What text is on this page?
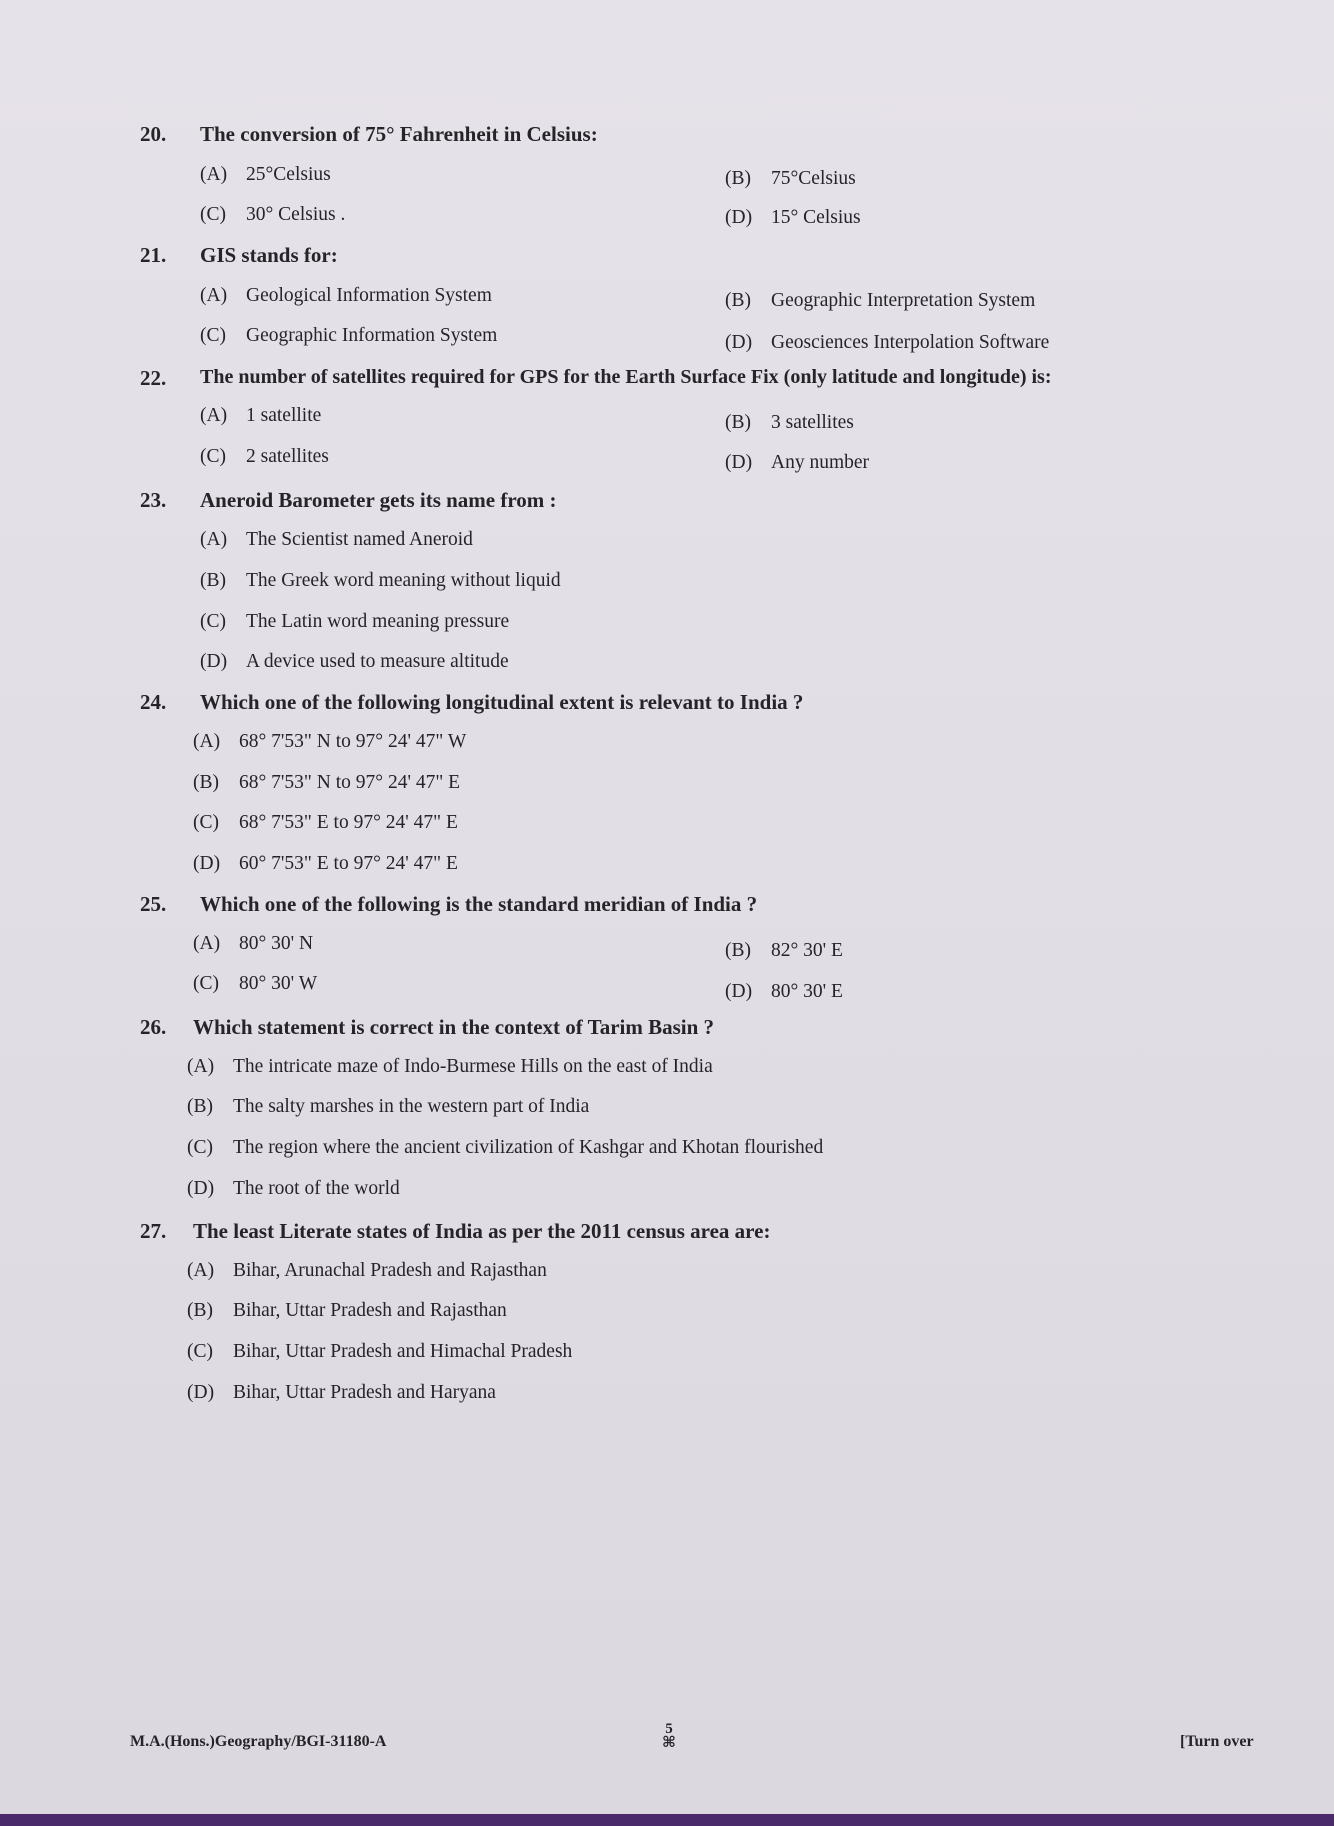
20. The conversion of 75° Fahrenheit in Celsius:
(A) 25°Celsius	(B) 75°Celsius
(C) 30° Celsius .	(D) 15° Celsius
21. GIS stands for:
(A) Geological Information System	(B) Geographic Interpretation System
(C) Geographic Information System	(D) Geosciences Interpolation Software
22. The number of satellites required for GPS for the Earth Surface Fix (only latitude and longitude) is:
(A) 1 satellite	(B) 3 satellites
(C) 2 satellites	(D) Any number
23. Aneroid Barometer gets its name from :
(A) The Scientist named Aneroid
(B) The Greek word meaning without liquid
(C) The Latin word meaning pressure
(D) A device used to measure altitude
24. Which one of the following longitudinal extent is relevant to India ?
(A) 68° 7'53" N to 97° 24' 47" W
(B) 68° 7'53" N to 97° 24' 47" E
(C) 68° 7'53" E to 97° 24' 47" E
(D) 60° 7'53" E to 97° 24' 47" E
25. Which one of the following is the standard meridian of India ?
(A) 80° 30' N	(B) 82° 30' E
(C) 80° 30' W	(D) 80° 30' E
26. Which statement is correct in the context of Tarim Basin ?
(A) The intricate maze of Indo-Burmese Hills on the east of India
(B) The salty marshes in the western part of India
(C) The region where the ancient civilization of Kashgar and Khotan flourished
(D) The root of the world
27. The least Literate states of India as per the 2011 census area are:
(A) Bihar, Arunachal Pradesh and Rajasthan
(B) Bihar, Uttar Pradesh and Rajasthan
(C) Bihar, Uttar Pradesh and Himachal Pradesh
(D) Bihar, Uttar Pradesh and Haryana
M.A.(Hons.)Geography/BGI-31180-A
5
⌘	[Turn over
